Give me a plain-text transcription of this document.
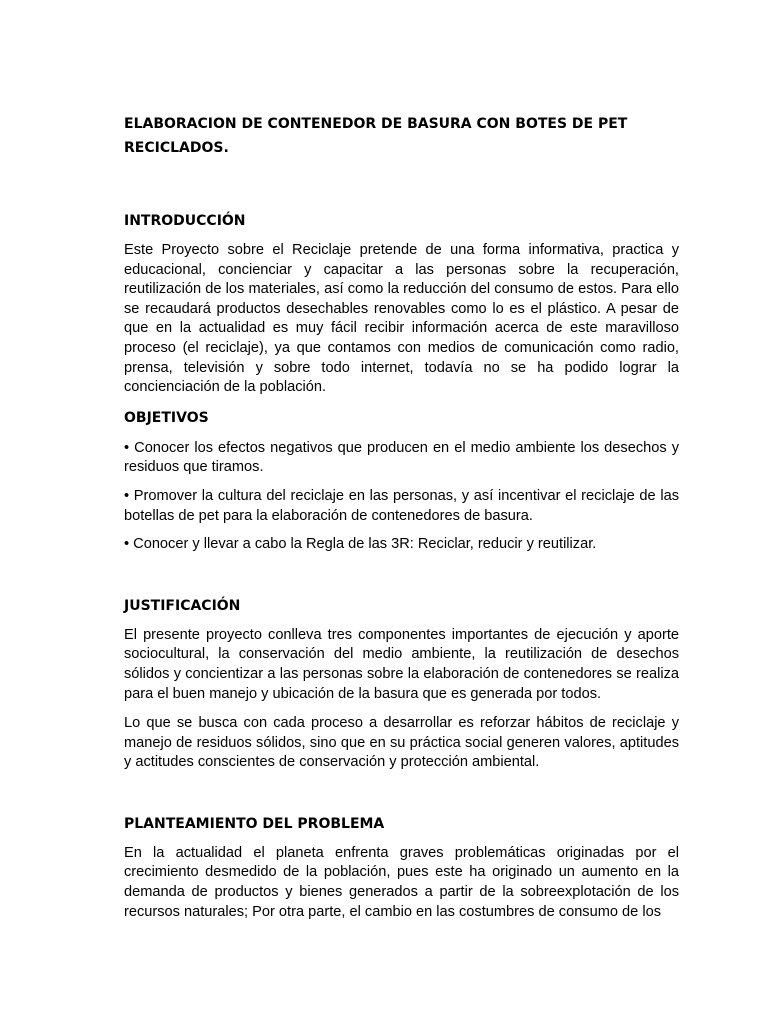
ELABORACION DE CONTENEDOR DE BASURA CON BOTES DE PET
RECICLADOS.
INTRODUCCIÓN

Este Proyecto sobre el Reciclaje pretende de una forma informativa, practica y educacional, concienciar y capacitar a las personas sobre la recuperación, reutilización de los materiales, así como la reducción del consumo de estos. Para ello se recaudará productos desechables renovables como lo es el plástico. A pesar de que en la actualidad es muy fácil recibir información acerca de este maravilloso proceso (el reciclaje), ya que contamos con medios de comunicación como radio, prensa, televisión y sobre todo internet, todavía no se ha podido lograr la concienciación de la población.

OBJETIVOS

• Conocer los efectos negativos que producen en el medio ambiente los desechos y residuos que tiramos.

• Promover la cultura del reciclaje en las personas, y así incentivar el reciclaje de las botellas de pet para la elaboración de contenedores de basura.

• Conocer y llevar a cabo la Regla de las 3R: Reciclar, reducir y reutilizar.

JUSTIFICACIÓN

El presente proyecto conlleva tres componentes importantes de ejecución y aporte sociocultural, la conservación del medio ambiente, la reutilización de desechos sólidos y concientizar a las personas sobre la elaboración de contenedores se realiza para el buen manejo y ubicación de la basura que es generada por todos.

Lo que se busca con cada proceso a desarrollar es reforzar hábitos de reciclaje y manejo de residuos sólidos, sino que en su práctica social generen valores, aptitudes y actitudes conscientes de conservación y protección ambiental.

PLANTEAMIENTO DEL PROBLEMA

En la actualidad el planeta enfrenta graves problemáticas originadas por el crecimiento desmedido de la población, pues este ha originado un aumento en la demanda de productos y bienes generados a partir de la sobreexplotación de los recursos naturales; Por otra parte, el cambio en las costumbres de consumo de los
